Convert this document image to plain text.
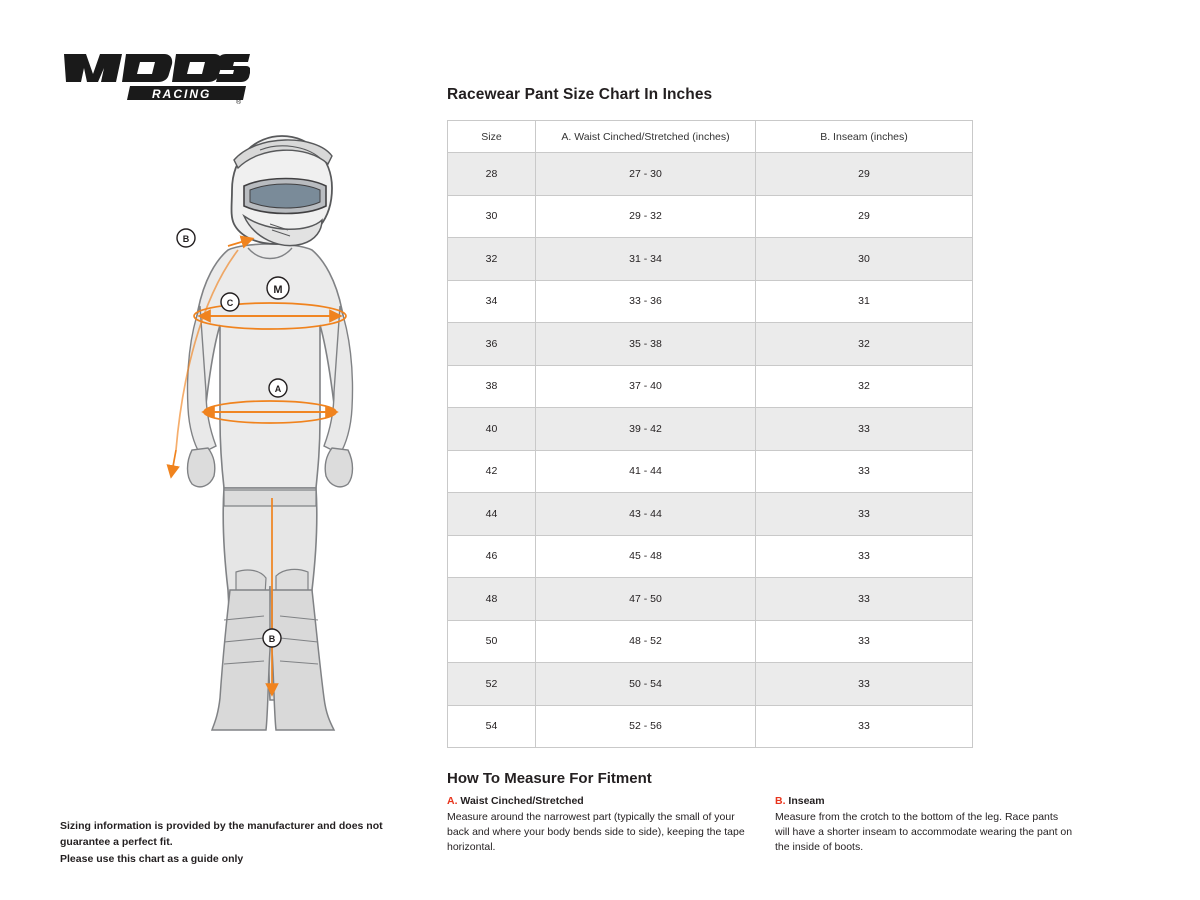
RACING
®
B
C
M
A
B
Sizing information is provided by the manufacturer and does not guarantee a perfect fit.
Please use this chart as a guide only
Racewear Pant Size Chart In Inches
Size	A. Waist Cinched/Stretched (inches)	B. Inseam (inches)
28	27 - 30	29
30	29 - 32	29
32	31 - 34	30
34	33 - 36	31
36	35 - 38	32
38	37 - 40	32
40	39 - 42	33
42	41 - 44	33
44	43 - 44	33
46	45 - 48	33
48	47 - 50	33
50	48 - 52	33
52	50 - 54	33
54	52 - 56	33
How To Measure For Fitment
A. Waist Cinched/Stretched
Measure around the narrowest part (typically the small of your back and where your body bends side to side), keeping the tape horizontal.
B. Inseam
Measure from the crotch to the bottom of the leg. Race pants will have a shorter inseam to accommodate wearing the pant on the inside of boots.
